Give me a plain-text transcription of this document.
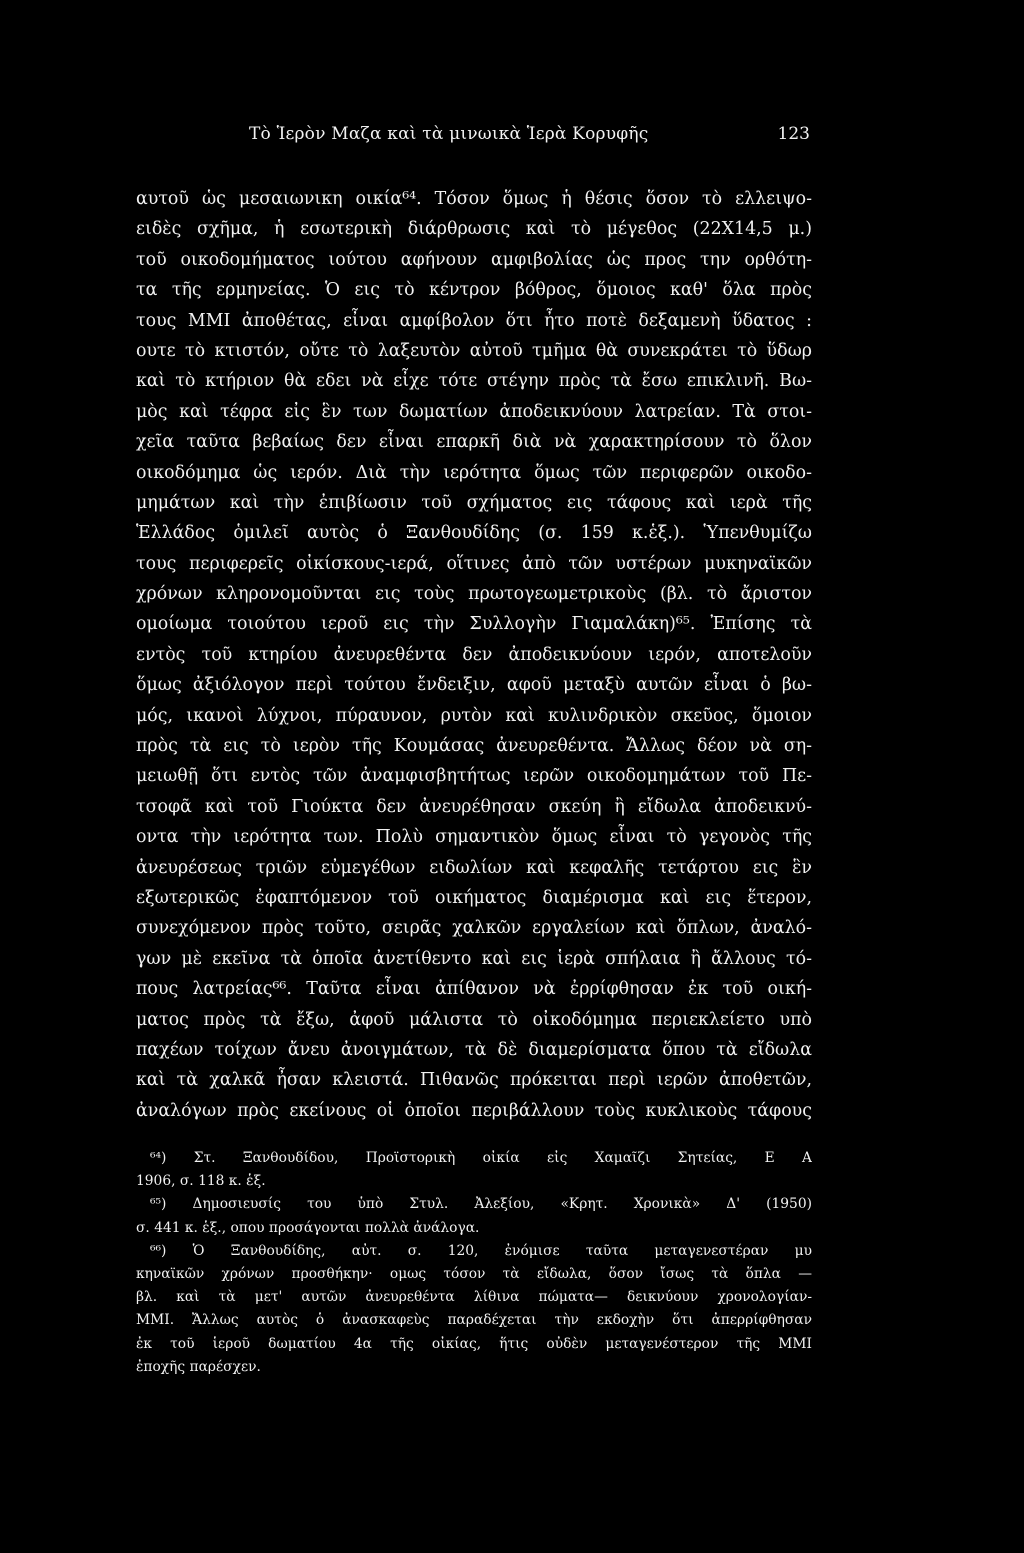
Τὸ Ἱερὸν Μαζα καὶ τὰ μινωικὰ Ἱερὰ Κορυφῆς	123
αυτοῦ ὡς μεσαιωνικη οικία⁶⁴. Τόσον ὅμως ἡ θέσις ὅσον τὸ ελλειψο-
ειδὲς σχῆμα, ἡ εσωτερικὴ διάρθρωσις καὶ τὸ μέγεθος (22Χ14,5 μ.)
τοῦ οικοδομήματος ιούτου αφήνουν αμφιβολίας ὡς προς την ορθότη-
τα τῆς ερμηνείας. Ὁ εις τὸ κέντρον βόθρος, ὅμοιος καθ' ὅλα πρὸς
τους ΜΜΙ ἀποθέτας, εἶναι αμφίβολον ὅτι ἦτο ποτὲ δεξαμενὴ ὕδατος :
ουτε τὸ κτιστόν, οὔτε τὸ λαξευτὸν αὐτοῦ τμῆμα θὰ συνεκράτει τὸ ὕδωρ
καὶ τὸ κτήριον θὰ εδει νὰ εἶχε τότε στέγην πρὸς τὰ ἔσω επικλινῆ. Βω-
μὸς καὶ τέφρα εἰς ἓν των δωματίων ἀποδεικνύουν λατρείαν. Τὰ στοι-
χεῖα ταῦτα βεβαίως δεν εἶναι επαρκῆ διὰ νὰ χαρακτηρίσουν τὸ ὅλον
οικοδόμημα ὡς ιερόν. Διὰ τὴν ιερότητα ὅμως τῶν περιφερῶν οικοδο-
μημάτων καὶ τὴν ἐπιβίωσιν τοῦ σχήματος εις τάφους καὶ ιερὰ τῆς
Ἑλλάδος ὁμιλεῖ αυτὸς ὁ Ξανθουδίδης (σ. 159 κ.ἑξ.). Ὑπενθυμίζω
τους περιφερεῖς οἰκίσκους-ιερά, οἵτινες ἀπὸ τῶν υστέρων μυκηναϊκῶν
χρόνων κληρονομοῦνται εις τοὺς πρωτογεωμετρικοὺς (βλ. τὸ ἄριστον
ομοίωμα τοιούτου ιεροῦ εις τὴν Συλλογὴν Γιαμαλάκη)⁶⁵. Ἐπίσης τὰ
εντὸς τοῦ κτηρίου ἀνευρεθέντα δεν ἀποδεικνύουν ιερόν, αποτελοῦν
ὅμως ἀξιόλογον περὶ τούτου ἔνδειξιν, αφοῦ μεταξὺ αυτῶν εἶναι ὁ βω-
μός, ικανοὶ λύχνοι, πύραυνον, ρυτὸν καὶ κυλινδρικὸν σκεῦος, ὅμοιον
πρὸς τὰ εις τὸ ιερὸν τῆς Κουμάσας ἀνευρεθέντα. Ἄλλως δέον νὰ ση-
μειωθῇ ὅτι εντὸς τῶν ἀναμφισβητήτως ιερῶν οικοδομημάτων τοῦ Πε-
τσοφᾶ καὶ τοῦ Γιούκτα δεν ἀνευρέθησαν σκεύη ἢ εἴδωλα ἀποδεικνύ-
οντα τὴν ιερότητα των. Πολὺ σημαντικὸν ὅμως εἶναι τὸ γεγονὸς τῆς
ἀνευρέσεως τριῶν εὐμεγέθων ειδωλίων καὶ κεφαλῆς τετάρτου εις ἓν
εξωτερικῶς ἐφαπτόμενον τοῦ οικήματος διαμέρισμα καὶ εις ἕτερον,
συνεχόμενον πρὸς τοῦτο, σειρᾶς χαλκῶν εργαλείων καὶ ὅπλων, ἀναλό-
γων μὲ εκεῖνα τὰ ὁποῖα ἀνετίθεντο καὶ εις ἱερὰ σπήλαια ἢ ἄλλους τό-
πους λατρείας⁶⁶. Ταῦτα εἶναι ἀπίθανον νὰ ἐρρίφθησαν ἐκ τοῦ οική-
ματος πρὸς τὰ ἔξω, ἀφοῦ μάλιστα τὸ οἰκοδόμημα περιεκλείετο υπὸ
παχέων τοίχων ἄνευ ἀνοιγμάτων, τὰ δὲ διαμερίσματα ὅπου τὰ εἴδωλα
καὶ τὰ χαλκᾶ ἦσαν κλειστά. Πιθανῶς πρόκειται περὶ ιερῶν ἀποθετῶν,
ἀναλόγων πρὸς εκείνους οἱ ὁποῖοι περιβάλλουν τοὺς κυκλικοὺς τάφους
⁶⁴) Στ. Ξανθουδίδου, Προϊστορικὴ οἰκία εἰς Χαμαῖζι Σητείας, Ε Α
1906, σ. 118 κ. ἑξ.
⁶⁵) Δημοσιευσίς του ὑπὸ Στυλ. Ἀλεξίου, «Κρητ. Χρονικὰ» Δ' (1950)
σ. 441 κ. ἑξ., οπου προσάγονται πολλὰ ἀνάλογα.
⁶⁶) Ὁ Ξανθουδίδης, αὐτ. σ. 120, ἐνόμισε ταῦτα μεταγενεστέραν μυ
κηναϊκῶν χρόνων προσθήκην· ομως τόσον τὰ εἴδωλα, ὅσον ἴσως τὰ ὅπλα —
βλ. καὶ τὰ μετ' αυτῶν ἀνευρεθέντα λίθινα πώματα— δεικνύουν χρονολογίαν-
ΜΜΙ. Ἄλλως αυτὸς ὁ ἀνασκαφεὺς παραδέχεται τὴν εκδοχὴν ὅτι ἀπερρίφθησαν
ἐκ τοῦ ἱεροῦ δωματίου 4α τῆς οἰκίας, ἥτις οὐδὲν μεταγενέστερον τῆς ΜΜΙ
ἐποχῆς παρέσχεν.
